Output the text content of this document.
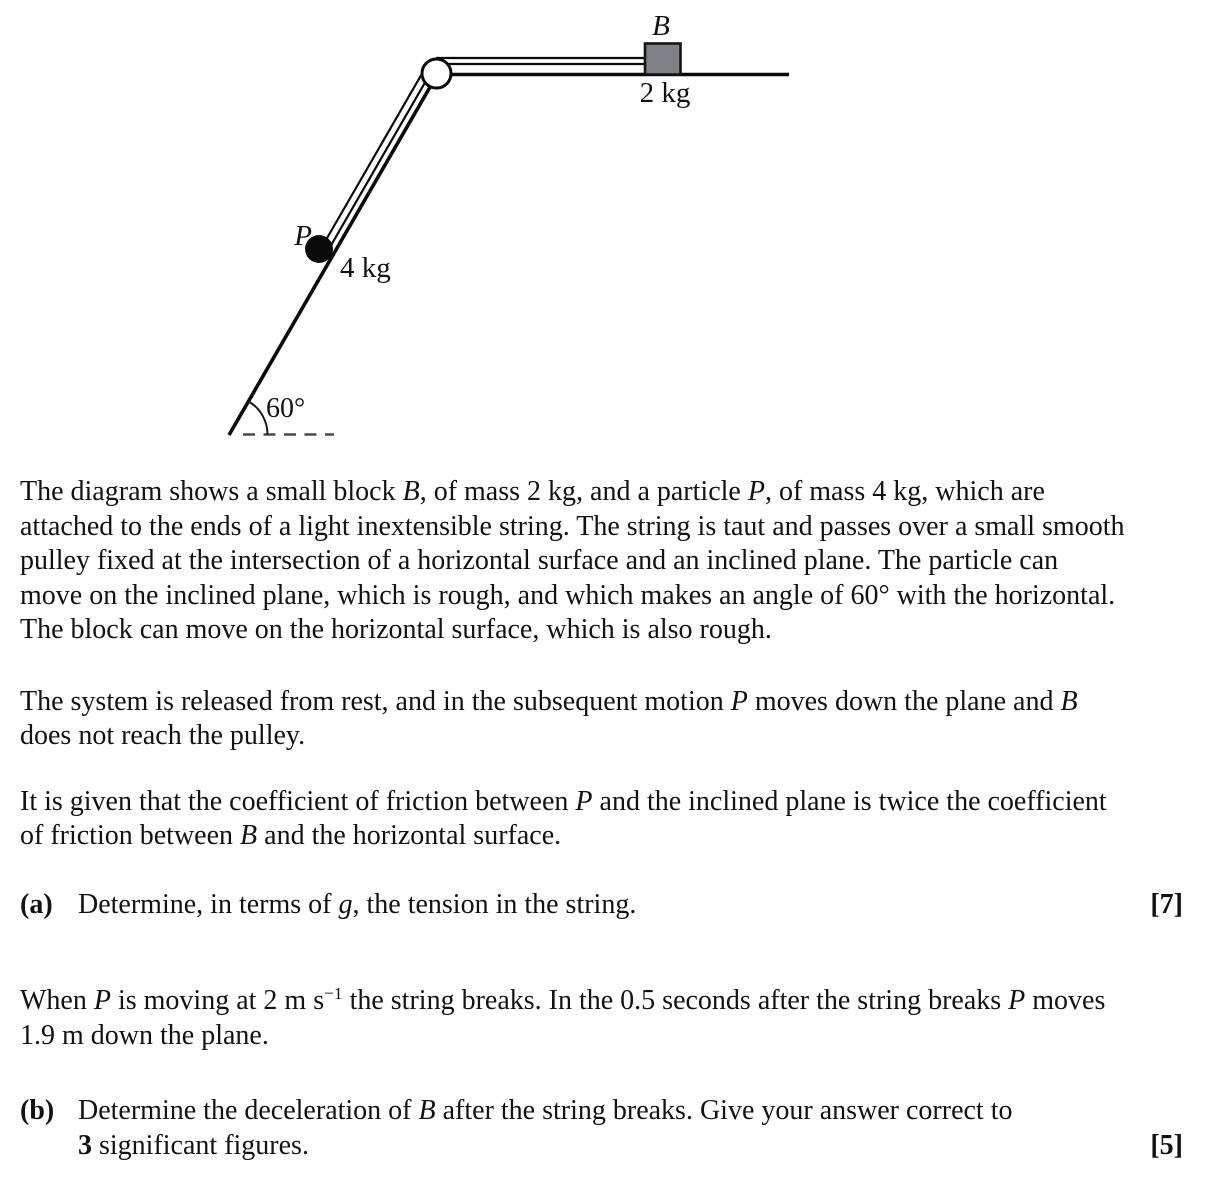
B
2 kg
P
4 kg
60°
The diagram shows a small block B, of mass 2 kg, and a particle P, of mass 4 kg, which are
attached to the ends of a light inextensible string. The string is taut and passes over a small smooth
pulley fixed at the intersection of a horizontal surface and an inclined plane. The particle can
move on the inclined plane, which is rough, and which makes an angle of 60° with the horizontal.
The block can move on the horizontal surface, which is also rough.
The system is released from rest, and in the subsequent motion P moves down the plane and B
does not reach the pulley.
It is given that the coefficient of friction between P and the inclined plane is twice the coefficient
of friction between B and the horizontal surface.
(a) Determine, in terms of g, the tension in the string.	[7]
When P is moving at 2 m $s^{-1}$ the string breaks. In the 0.5 seconds after the string breaks P moves
1.9 m down the plane.
(b) Determine the deceleration of B after the string breaks. Give your answer correct to
3 significant figures.	[5]
